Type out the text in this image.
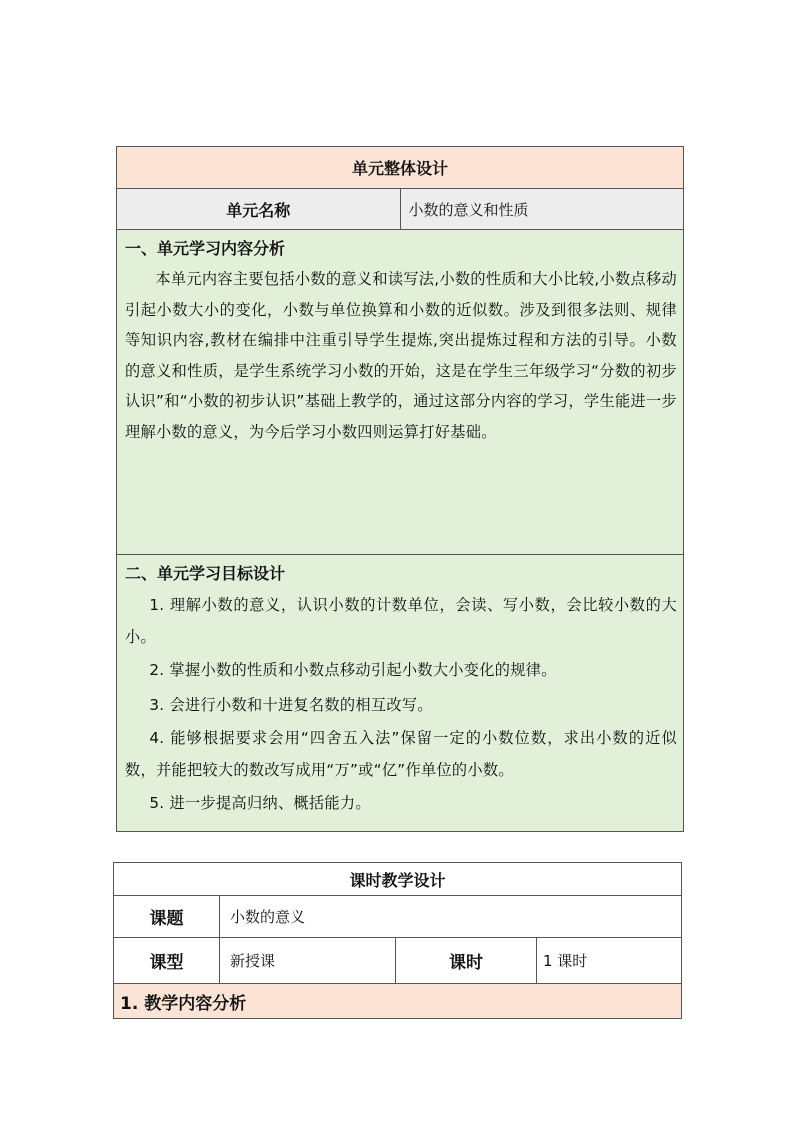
单元整体设计
单元名称	小数的意义和性质

一、单元学习内容分析

本单元内容主要包括小数的意义和读写法,小数的性质和大小比较,小数点移动引起小数大小的变化，小数与单位换算和小数的近似数。涉及到很多法则、规律等知识内容,教材在编排中注重引导学生提炼,突出提炼过程和方法的引导。小数的意义和性质，是学生系统学习小数的开始，这是在学生三年级学习“分数的初步认识”和“小数的初步认识”基础上教学的，通过这部分内容的学习，学生能进一步理解小数的意义，为今后学习小数四则运算打好基础。

二、单元学习目标设计

1. 理解小数的意义，认识小数的计数单位，会读、写小数，会比较小数的大小。

2. 掌握小数的性质和小数点移动引起小数大小变化的规律。

3. 会进行小数和十进复名数的相互改写。

4. 能够根据要求会用“四舍五入法”保留一定的小数位数，求出小数的近似数，并能把较大的数改写成用“万”或“亿”作单位的小数。

5. 进一步提高归纳、概括能力。

课时教学设计			
课题	小数的意义		
课型	新授课	课时	1 课时
1. 教学内容分析			
